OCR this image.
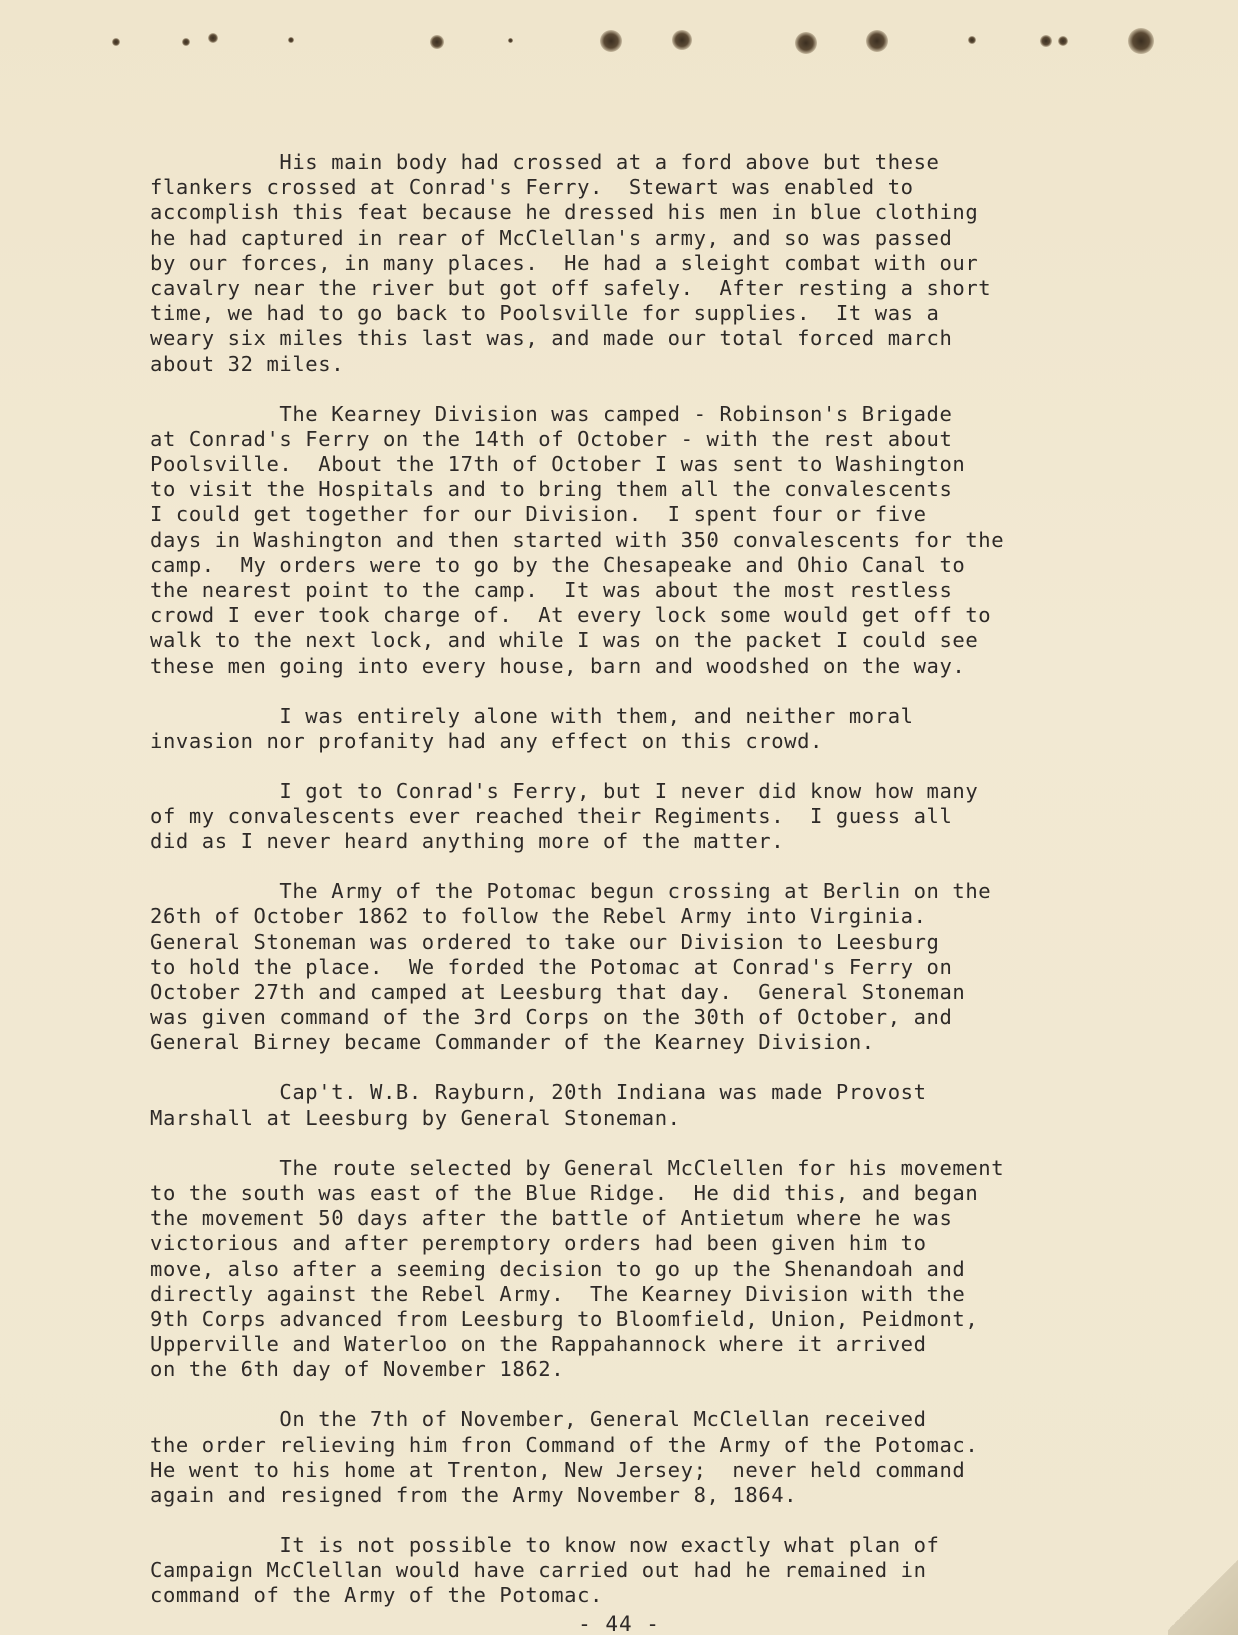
His main body had crossed at a ford above but these
flankers crossed at Conrad's Ferry.  Stewart was enabled to
accomplish this feat because he dressed his men in blue clothing
he had captured in rear of McClellan's army, and so was passed
by our forces, in many places.  He had a sleight combat with our
cavalry near the river but got off safely.  After resting a short
time, we had to go back to Poolsville for supplies.  It was a
weary six miles this last was, and made our total forced march
about 32 miles.

The Kearney Division was camped - Robinson's Brigade
at Conrad's Ferry on the 14th of October - with the rest about
Poolsville.  About the 17th of October I was sent to Washington
to visit the Hospitals and to bring them all the convalescents
I could get together for our Division.  I spent four or five
days in Washington and then started with 350 convalescents for the
camp.  My orders were to go by the Chesapeake and Ohio Canal to
the nearest point to the camp.  It was about the most restless
crowd I ever took charge of.  At every lock some would get off to
walk to the next lock, and while I was on the packet I could see
these men going into every house, barn and woodshed on the way.

I was entirely alone with them, and neither moral
invasion nor profanity had any effect on this crowd.

I got to Conrad's Ferry, but I never did know how many
of my convalescents ever reached their Regiments.  I guess all
did as I never heard anything more of the matter.

The Army of the Potomac begun crossing at Berlin on the
26th of October 1862 to follow the Rebel Army into Virginia.
General Stoneman was ordered to take our Division to Leesburg
to hold the place.  We forded the Potomac at Conrad's Ferry on
October 27th and camped at Leesburg that day.  General Stoneman
was given command of the 3rd Corps on the 30th of October, and
General Birney became Commander of the Kearney Division.

Cap't. W.B. Rayburn, 20th Indiana was made Provost
Marshall at Leesburg by General Stoneman.

The route selected by General McClellen for his movement
to the south was east of the Blue Ridge.  He did this, and began
the movement 50 days after the battle of Antietum where he was
victorious and after peremptory orders had been given him to
move, also after a seeming decision to go up the Shenandoah and
directly against the Rebel Army.  The Kearney Division with the
9th Corps advanced from Leesburg to Bloomfield, Union, Peidmont,
Upperville and Waterloo on the Rappahannock where it arrived
on the 6th day of November 1862.

On the 7th of November, General McClellan received
the order relieving him fron Command of the Army of the Potomac.
He went to his home at Trenton, New Jersey;  never held command
again and resigned from the Army November 8, 1864.

It is not possible to know now exactly what plan of
Campaign McClellan would have carried out had he remained in
command of the Army of the Potomac.

- 44 -
